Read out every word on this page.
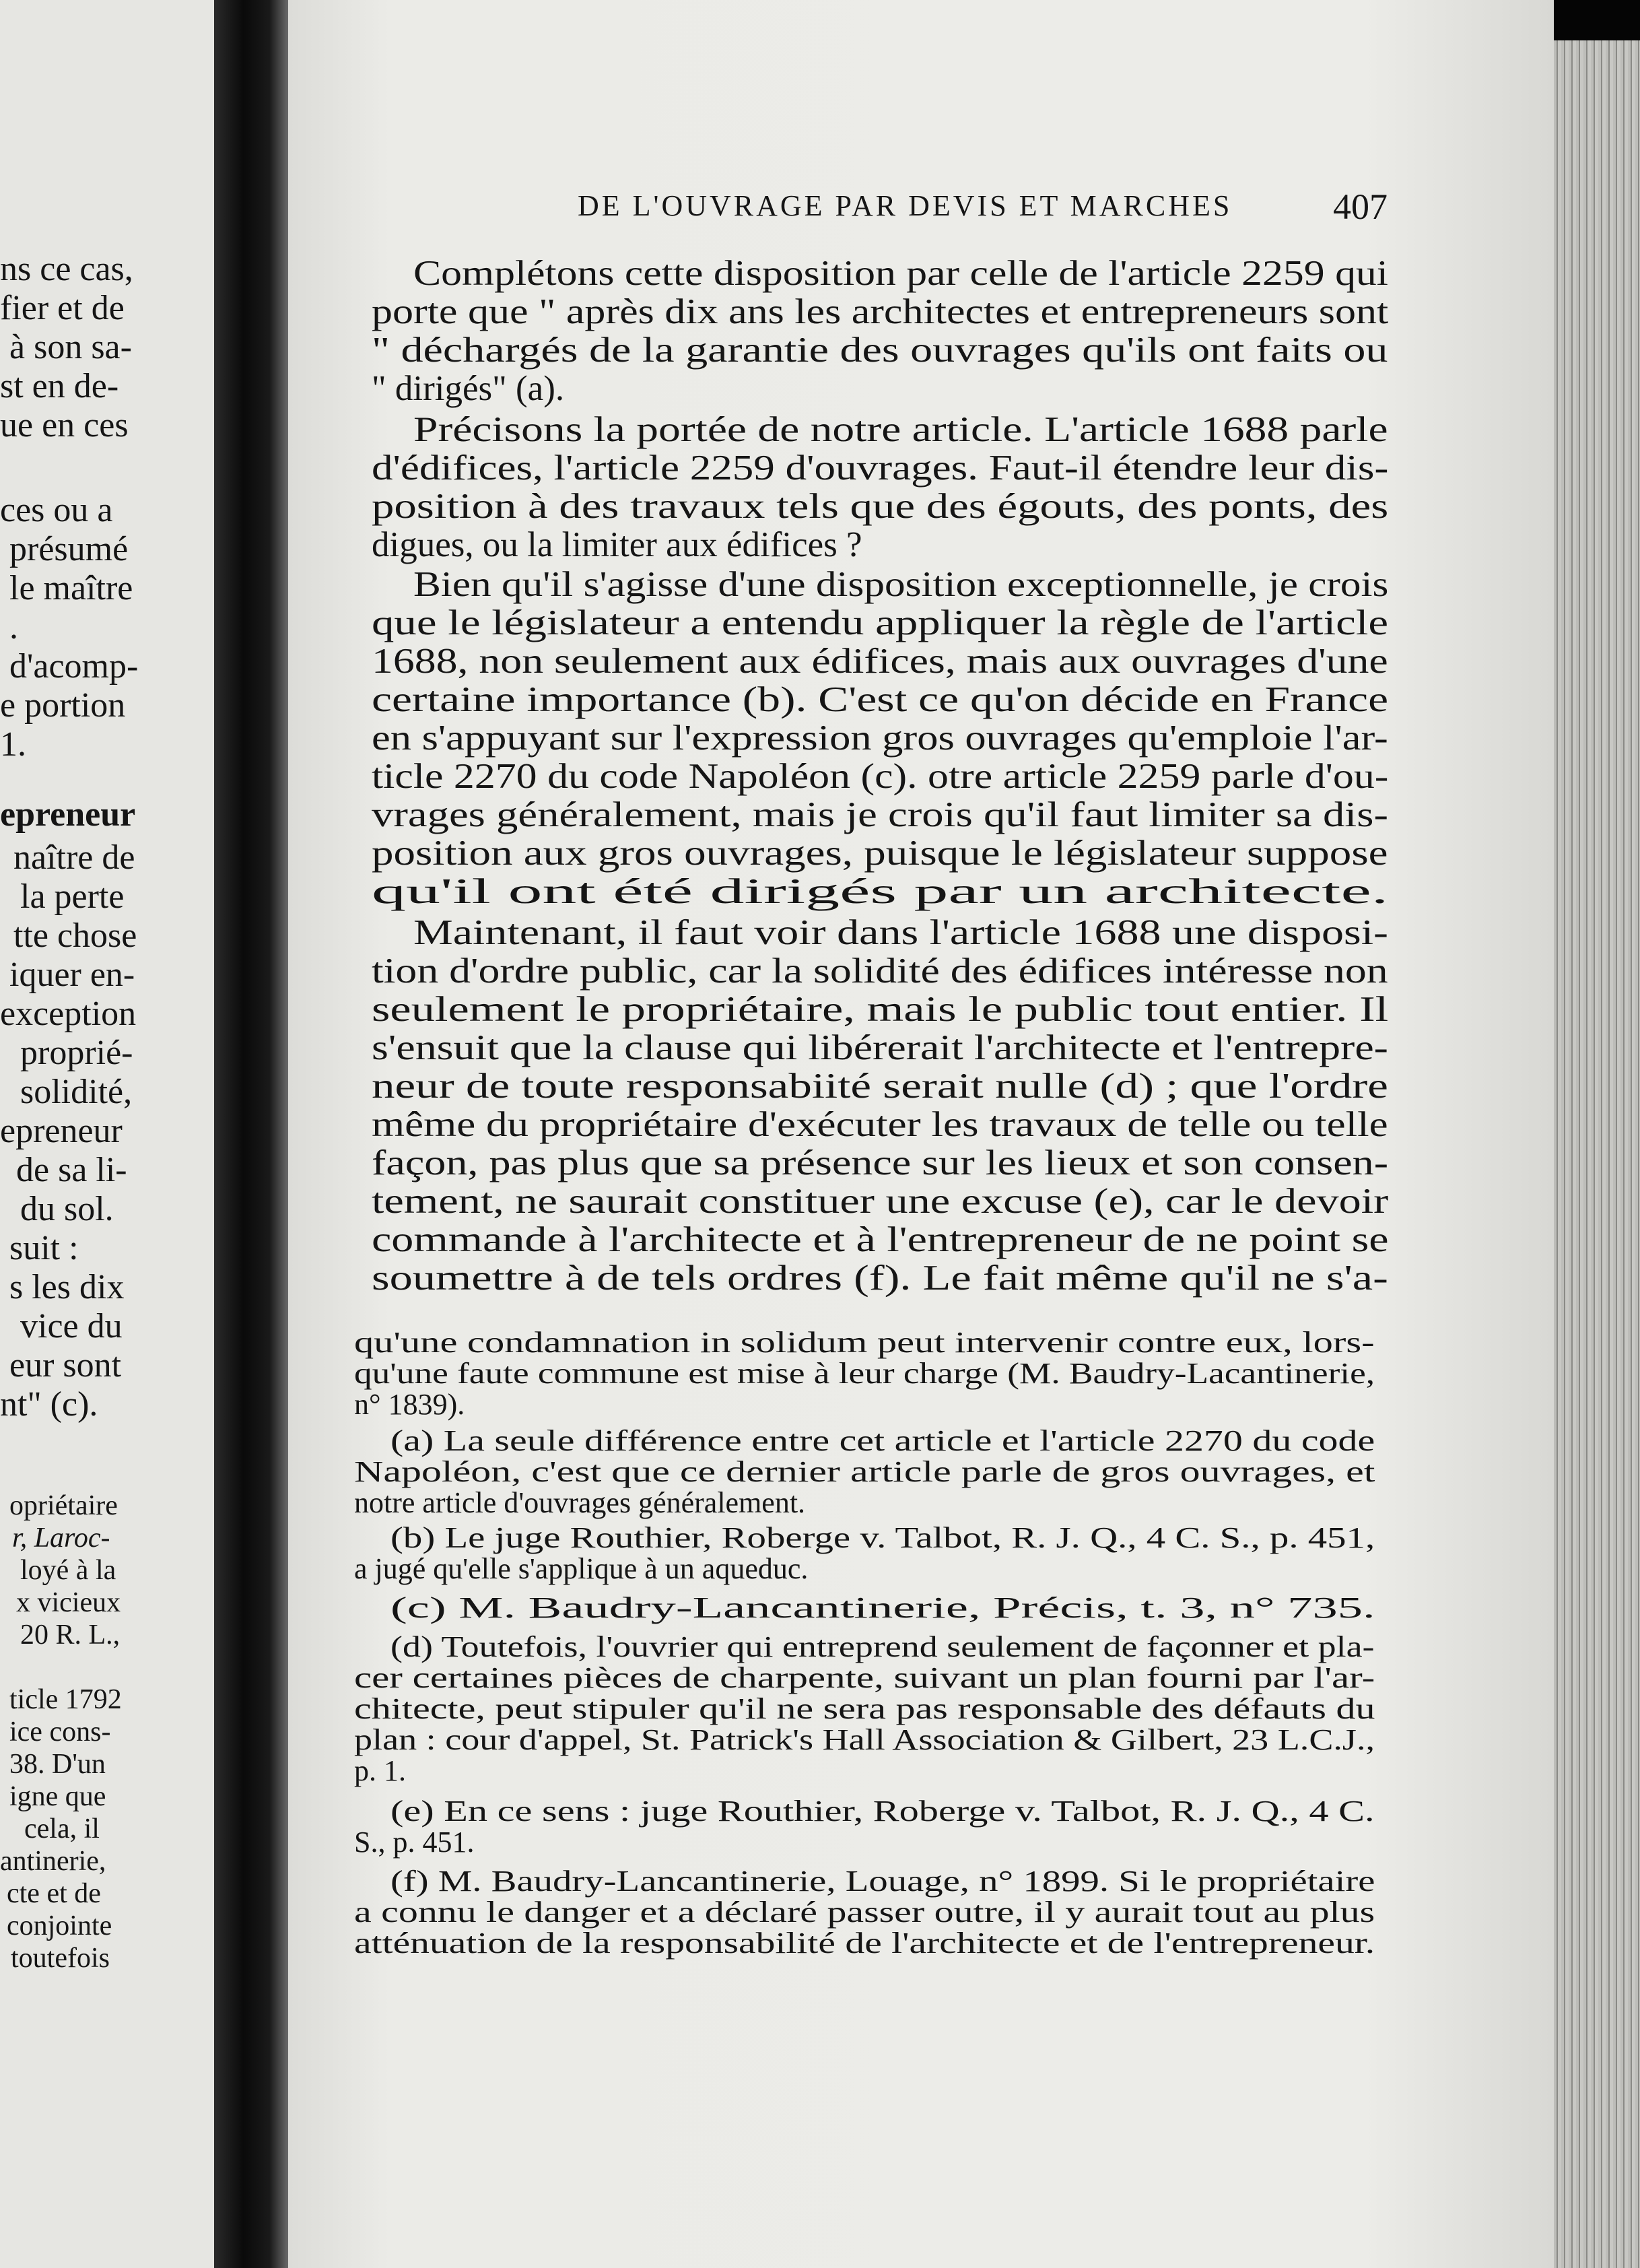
ns ce cas,
fier et de
à son sa-
st en de-
ue en ces
ces ou a
présumé
le maître
.
d'acomp-
e portion
1.
epreneur
naître de
la perte
tte chose
iquer en-
exception
proprié-
solidité,
epreneur
de sa li-
du sol.
suit :
s les dix
vice du
eur sont
nt" (c).
opriétaire
r, Laroc-
loyé à la
x vicieux
20 R. L.,
ticle 1792
ice cons-
38. D'un
igne que
cela, il
antinerie,
cte et de
conjointe
toutefois
DE L'OUVRAGE PAR DEVIS ET MARCHES	407
Complétons cette disposition par celle de l'article 2259 qui
porte que " après dix ans les architectes et entrepreneurs sont
" déchargés de la garantie des ouvrages qu'ils ont faits ou
" dirigés" (a).
Précisons la portée de notre article. L'article 1688 parle
d'édifices, l'article 2259 d'ouvrages. Faut-il étendre leur dis-
position à des travaux tels que des égouts, des ponts, des
digues, ou la limiter aux édifices ?
Bien qu'il s'agisse d'une disposition exceptionnelle, je crois
que le législateur a entendu appliquer la règle de l'article
1688, non seulement aux édifices, mais aux ouvrages d'une
certaine importance (b). C'est ce qu'on décide en France
en s'appuyant sur l'expression gros ouvrages qu'emploie l'ar-
ticle 2270 du code Napoléon (c). otre article 2259 parle d'ou-
vrages généralement, mais je crois qu'il faut limiter sa dis-
position aux gros ouvrages, puisque le législateur suppose
qu'il ont été dirigés par un architecte.
Maintenant, il faut voir dans l'article 1688 une disposi-
tion d'ordre public, car la solidité des édifices intéresse non
seulement le propriétaire, mais le public tout entier. Il
s'ensuit que la clause qui libérerait l'architecte et l'entrepre-
neur de toute responsabiité serait nulle (d) ; que l'ordre
même du propriétaire d'exécuter les travaux de telle ou telle
façon, pas plus que sa présence sur les lieux et son consen-
tement, ne saurait constituer une excuse (e), car le devoir
commande à l'architecte et à l'entrepreneur de ne point se
soumettre à de tels ordres (f). Le fait même qu'il ne s'a-
qu'une condamnation in solidum peut intervenir contre eux, lors-
qu'une faute commune est mise à leur charge (M. Baudry-Lacantinerie,
n° 1839).
(a) La seule différence entre cet article et l'article 2270 du code
Napoléon, c'est que ce dernier article parle de gros ouvrages, et
notre article d'ouvrages généralement.
(b) Le juge Routhier, Roberge v. Talbot, R. J. Q., 4 C. S., p. 451,
a jugé qu'elle s'applique à un aqueduc.
(c) M. Baudry-Lancantinerie, Précis, t. 3, n° 735.
(d) Toutefois, l'ouvrier qui entreprend seulement de façonner et pla-
cer certaines pièces de charpente, suivant un plan fourni par l'ar-
chitecte, peut stipuler qu'il ne sera pas responsable des défauts du
plan : cour d'appel, St. Patrick's Hall Association & Gilbert, 23 L.C.J.,
p. 1.
(e) En ce sens : juge Routhier, Roberge v. Talbot, R. J. Q., 4 C.
S., p. 451.
(f) M. Baudry-Lancantinerie, Louage, n° 1899. Si le propriétaire
a connu le danger et a déclaré passer outre, il y aurait tout au plus
atténuation de la responsabilité de l'architecte et de l'entrepreneur.
